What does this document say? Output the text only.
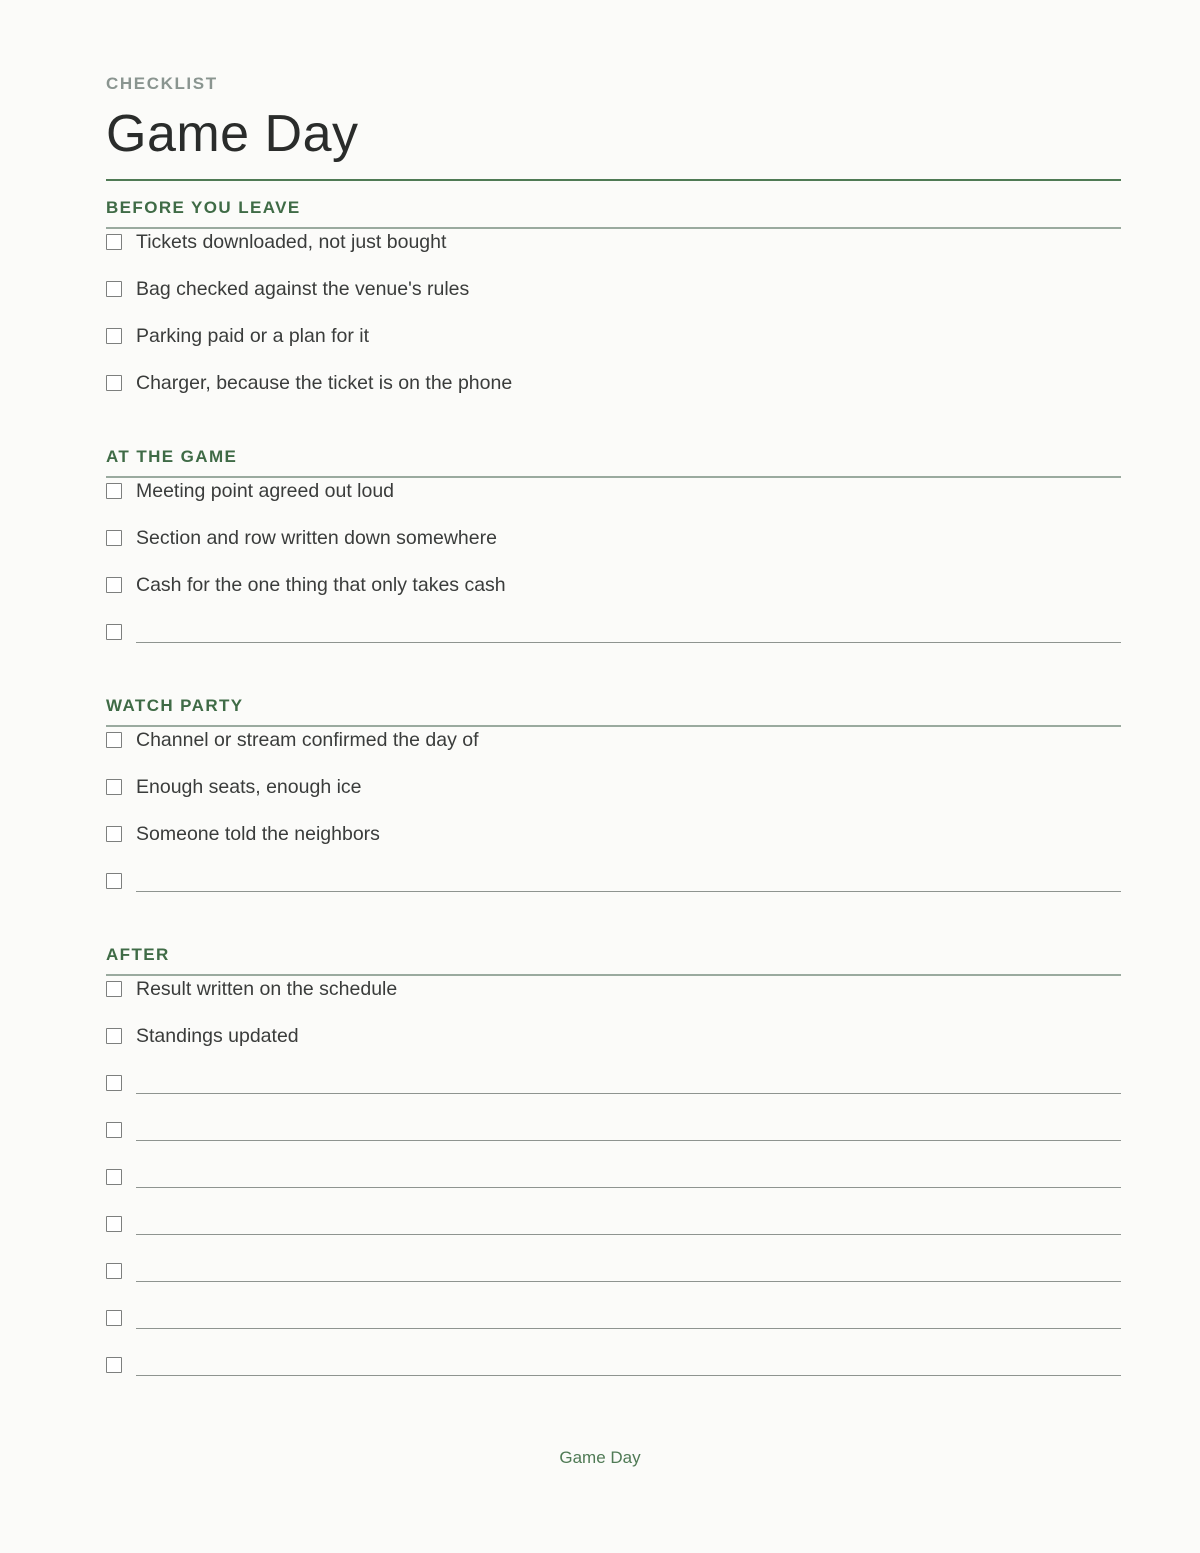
CHECKLIST
Game Day
BEFORE YOU LEAVE
Tickets downloaded, not just bought
Bag checked against the venue's rules
Parking paid or a plan for it
Charger, because the ticket is on the phone
AT THE GAME
Meeting point agreed out loud
Section and row written down somewhere
Cash for the one thing that only takes cash
WATCH PARTY
Channel or stream confirmed the day of
Enough seats, enough ice
Someone told the neighbors
AFTER
Result written on the schedule
Standings updated
Game Day
